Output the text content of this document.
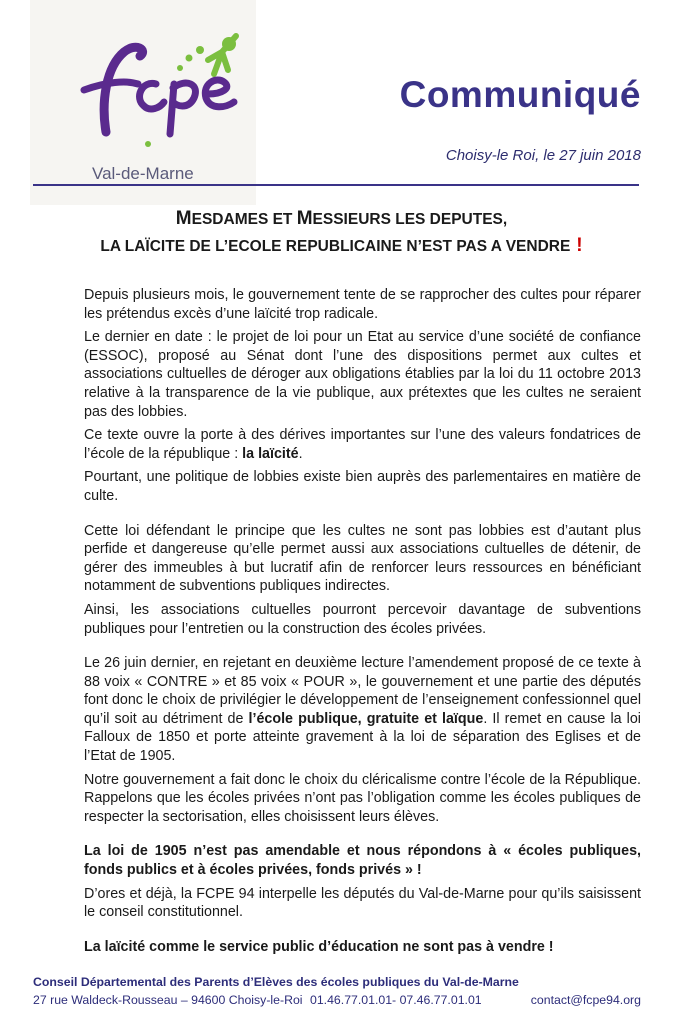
Val-de-Marne
Communiqué
Choisy-le Roi, le 27 juin 2018
MESDAMES ET MESSIEURS LES DEPUTES,
LA LAÏCITE DE L’ECOLE REPUBLICAINE N’EST PAS A VENDRE !

Depuis plusieurs mois, le gouvernement tente de se rapprocher des cultes pour réparer les prétendus excès d’une laïcité trop radicale.

Le dernier en date : le projet de loi pour un Etat au service d’une société de confiance (ESSOC), proposé au Sénat dont l’une des dispositions permet aux cultes et associations cultuelles de déroger aux obligations établies par la loi du 11 octobre 2013 relative à la transparence de la vie publique, aux prétextes que les cultes ne seraient pas des lobbies.

Ce texte ouvre la porte à des dérives importantes sur l’une des valeurs fondatrices de l’école de la république : la laïcité.

Pourtant, une politique de lobbies existe bien auprès des parlementaires en matière de culte.

Cette loi défendant le principe que les cultes ne sont pas lobbies est d’autant plus perfide et dangereuse qu’elle permet aussi aux associations cultuelles de détenir, de gérer des immeubles à but lucratif afin de renforcer leurs ressources en bénéficiant notamment de subventions publiques indirectes.

Ainsi, les associations cultuelles pourront percevoir davantage de subventions publiques pour l’entretien ou la construction des écoles privées.

Le 26 juin dernier, en rejetant en deuxième lecture l’amendement proposé de ce texte à 88 voix « CONTRE » et 85 voix « POUR », le gouvernement et une partie des députés font donc le choix de privilégier le développement de l’enseignement confessionnel quel qu’il soit au détriment de l’école publique, gratuite et laïque. Il remet en cause la loi Falloux de 1850 et porte atteinte gravement à la loi de séparation des Eglises et de l’Etat de 1905.

Notre gouvernement a fait donc le choix du cléricalisme contre l’école de la République. Rappelons que les écoles privées n’ont pas l’obligation comme les écoles publiques de respecter la sectorisation, elles choisissent leurs élèves.

La loi de 1905 n’est pas amendable et nous répondons à « écoles publiques, fonds publics et à écoles privées, fonds privés » !

D’ores et déjà, la FCPE 94 interpelle les députés du Val-de-Marne pour qu’ils saisissent le conseil constitutionnel.

La laïcité comme le service public d’éducation ne sont pas à vendre !

Conseil Départemental des Parents d’Elèves des écoles publiques du Val-de-Marne
27 rue Waldeck-Rousseau – 94600 Choisy-le-Roi 01.46.77.01.01- 07.46.77.01.01	contact@fcpe94.org
